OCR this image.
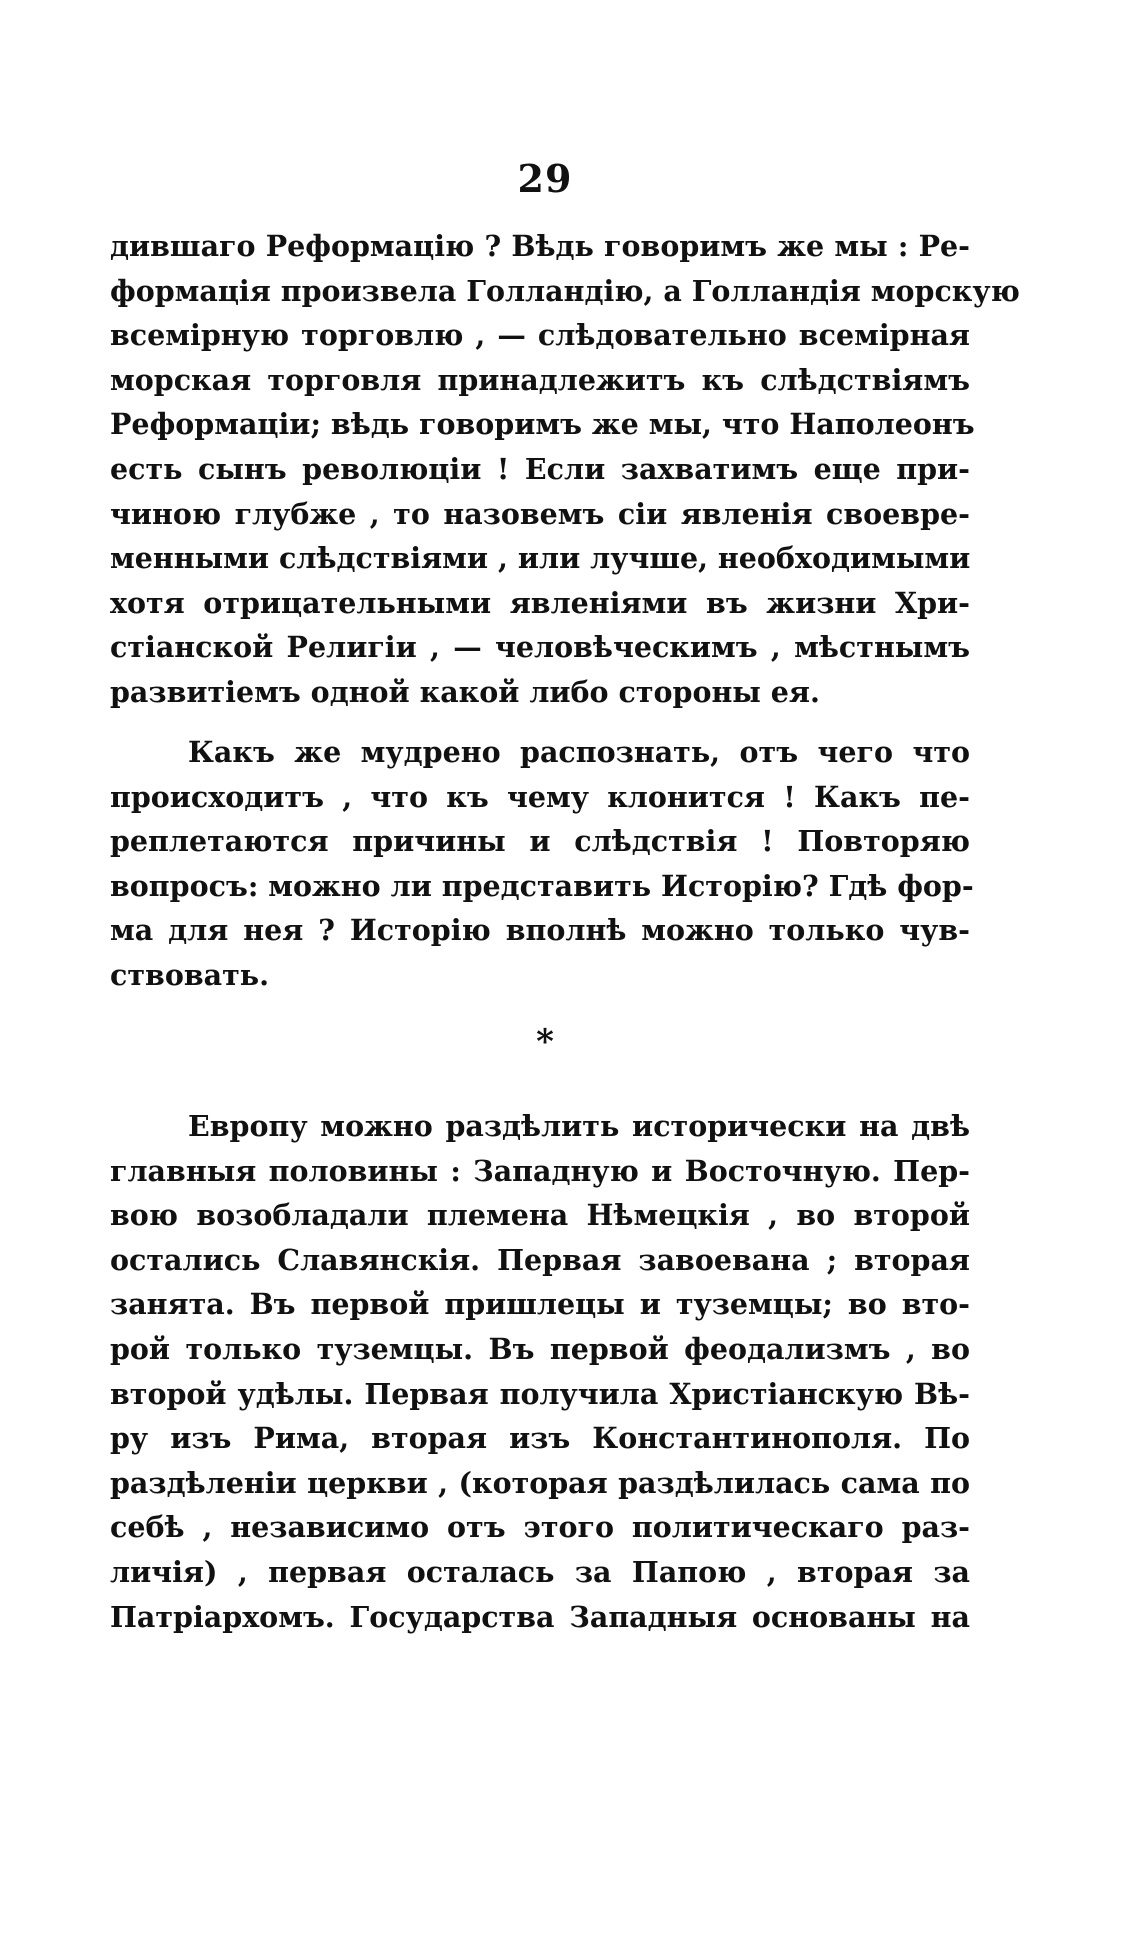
29
дившаго Реформацію ? Вѣдь говоримъ же мы : Ре-
формація произвела Голландію, а Голландія морскую
всемірную торговлю , — слѣдовательно всемірная
морская торговля принадлежитъ къ слѣдствіямъ
Реформаціи; вѣдь говоримъ же мы, что Наполеонъ
есть сынъ революціи ! Если захватимъ еще при-
чиною глубже , то назовемъ сіи явленія своевре-
менными слѣдствіями , или лучше, необходимыми
хотя отрицательными явленіями въ жизни Хри-
стіанской Религіи , — человѣческимъ , мѣстнымъ
развитіемъ одной какой либо стороны ея.
Какъ же мудрено распознать, отъ чего что
происходитъ , что къ чему клонится ! Какъ пе-
реплетаются причины и слѣдствія ! Повторяю
вопросъ: можно ли представить Исторію? Гдѣ фор-
ма для нея ? Исторію вполнѣ можно только чув-
ствовать.
*
Европу можно раздѣлить исторически на двѣ
главныя половины : Западную и Восточную. Пер-
вою возобладали племена Нѣмецкія , во второй
остались Славянскія. Первая завоевана ; вторая
занята. Въ первой пришлецы и туземцы; во вто-
рой только туземцы. Въ первой феодализмъ , во
второй удѣлы. Первая получила Христіанскую Вѣ-
ру изъ Рима, вторая изъ Константинополя. По
раздѣленіи церкви , (которая раздѣлилась сама по
себѣ , независимо отъ этого политическаго раз-
личія) , первая осталась за Папою , вторая за
Патріархомъ. Государства Западныя основаны на
